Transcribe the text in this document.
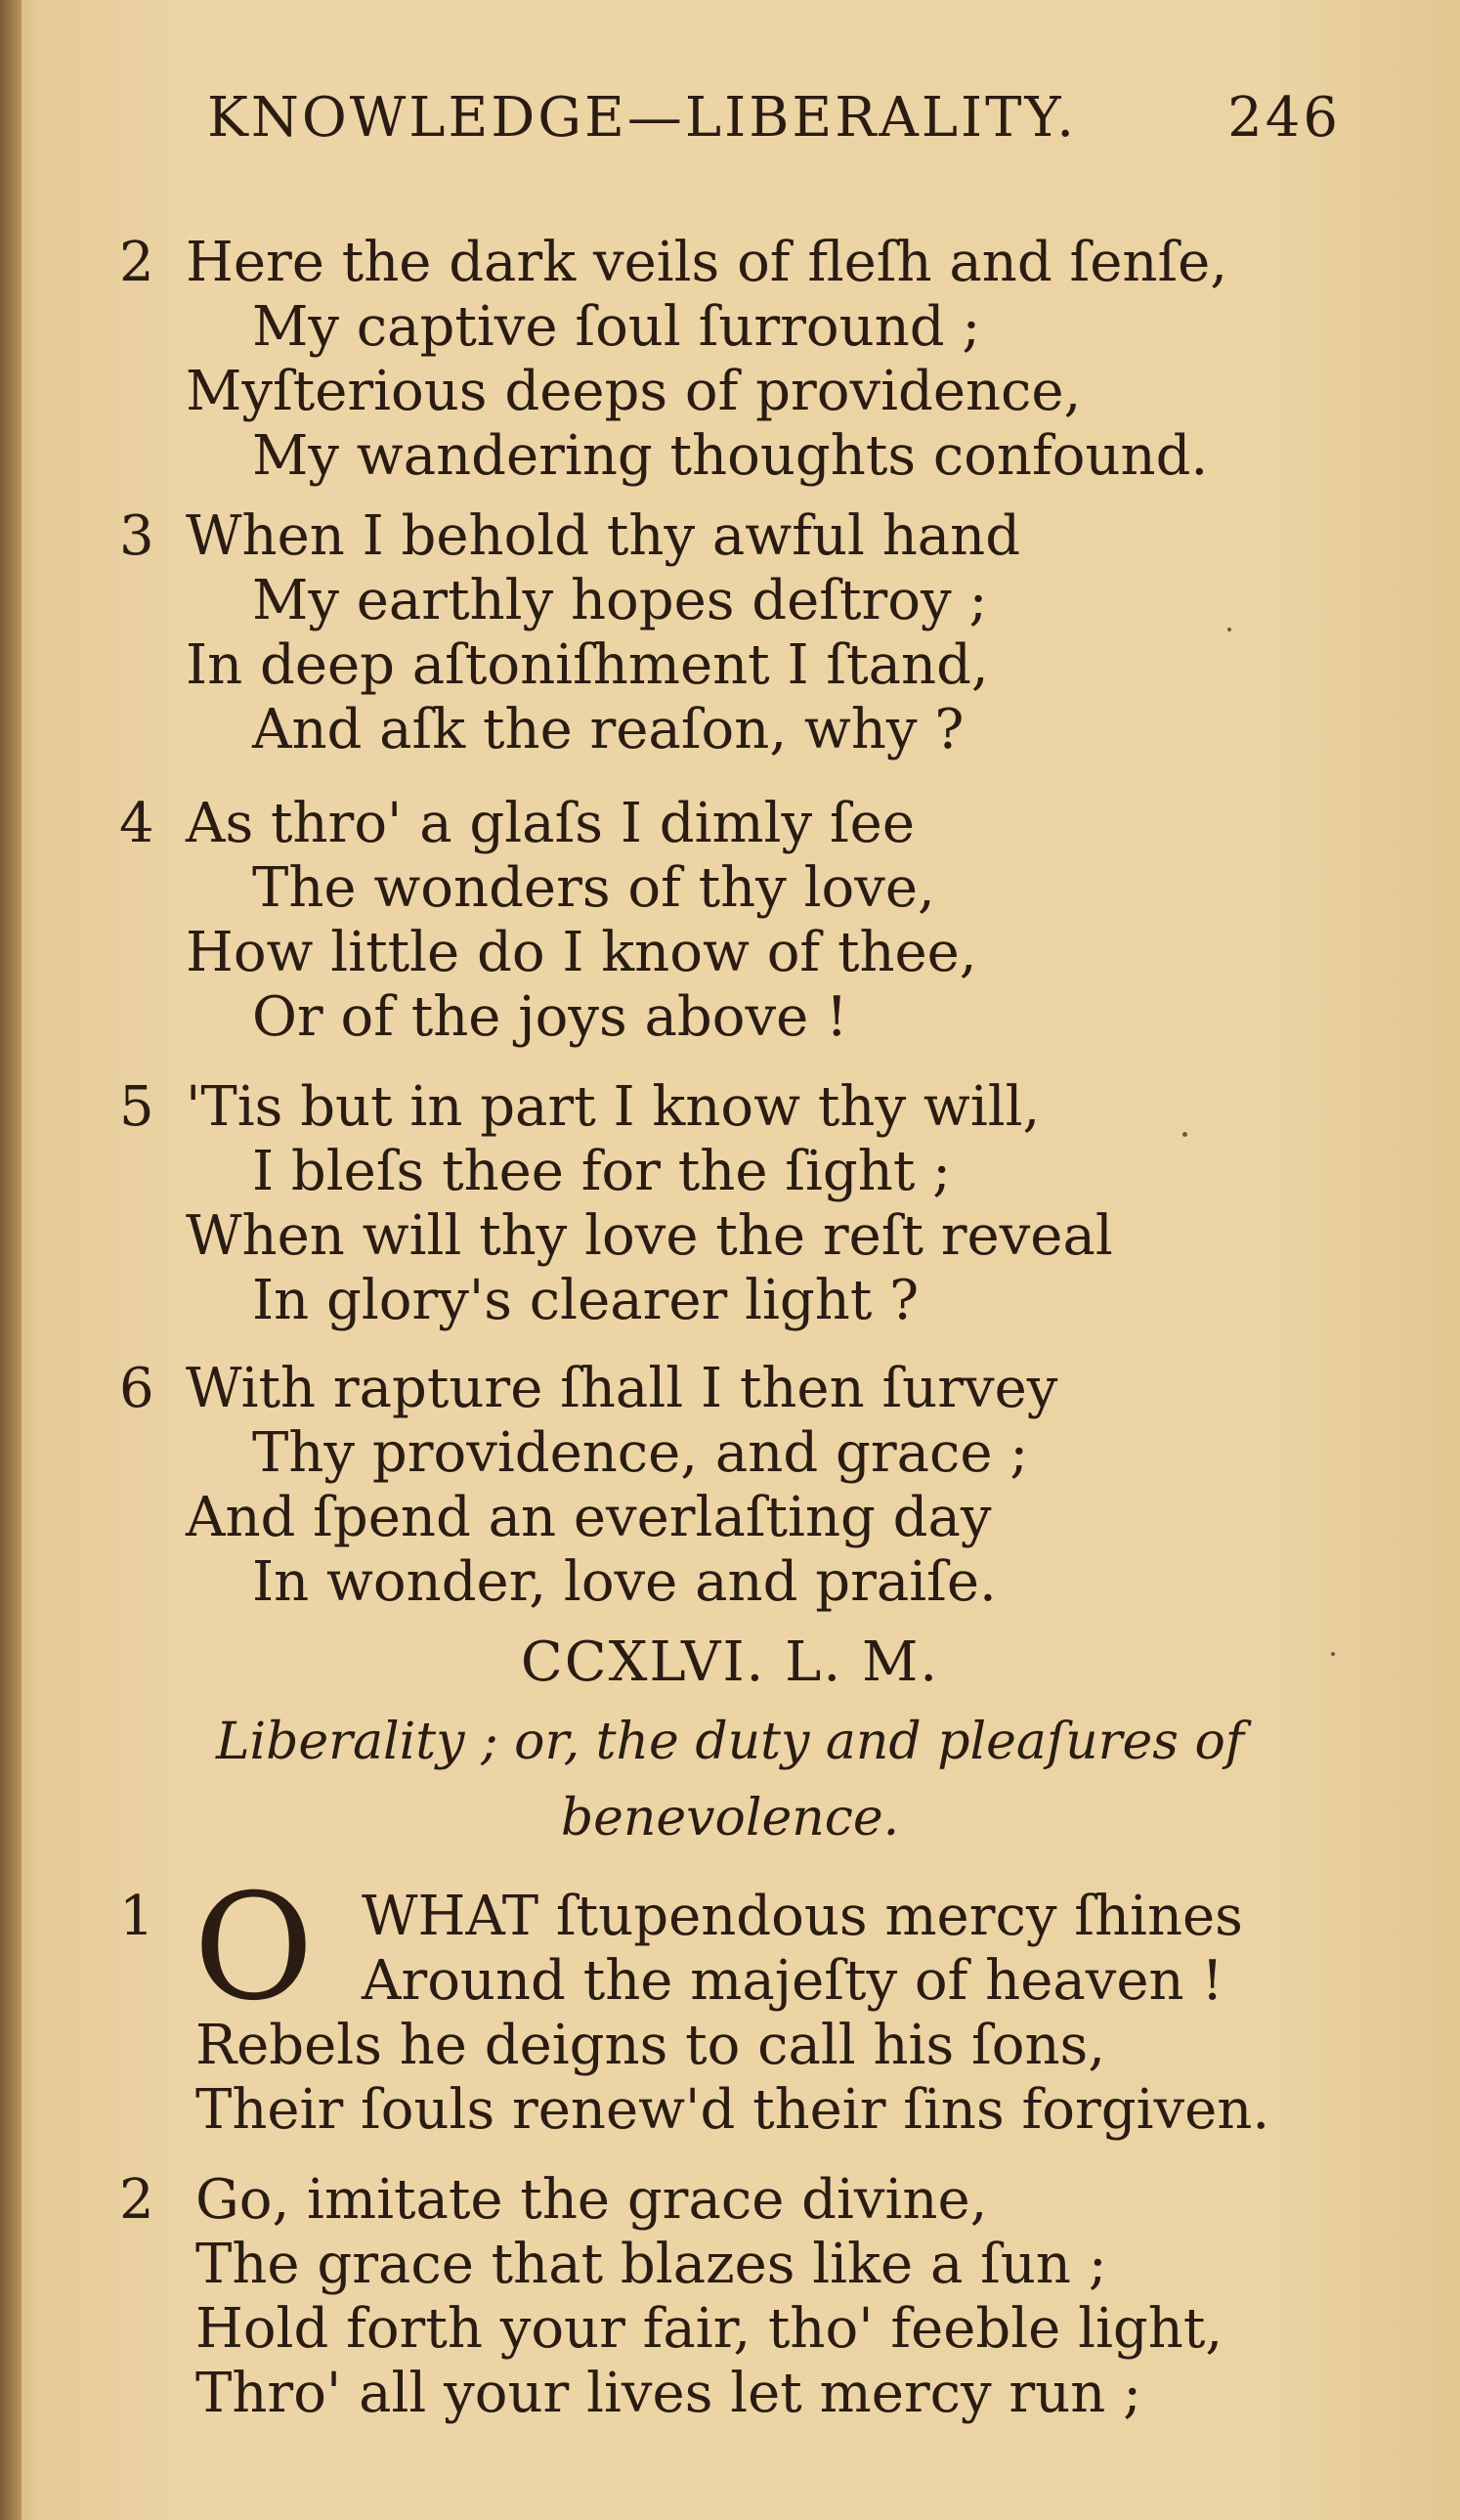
KNOWLEDGE—LIBERALITY.	246
2 Here the dark veils of fleſh and ſenſe,
My captive ſoul ſurround ;
Myſterious deeps of providence,
My wandering thoughts confound.
3 When I behold thy awful hand
My earthly hopes deſtroy ;
In deep aſtoniſhment I ſtand,
And aſk the reaſon, why ?
4 As thro' a glaſs I dimly ſee
The wonders of thy love,
How little do I know of thee,
Or of the joys above !
5 'Tis but in part I know thy will,
I bleſs thee for the ſight ;
When will thy love the reſt reveal
In glory's clearer light ?
6 With rapture ſhall I then ſurvey
Thy providence, and grace ;
And ſpend an everlaſting day
In wonder, love and praiſe.
CCXLVI. L. M.
Liberality ; or, the duty and pleaſures of
benevolence.
1 O WHAT ſtupendous mercy ſhines
Around the majeſty of heaven !
Rebels he deigns to call his ſons,
Their ſouls renew'd their ſins forgiven.
2 Go, imitate the grace divine,
The grace that blazes like a ſun ;
Hold forth your fair, tho' feeble light,
Thro' all your lives let mercy run ;
